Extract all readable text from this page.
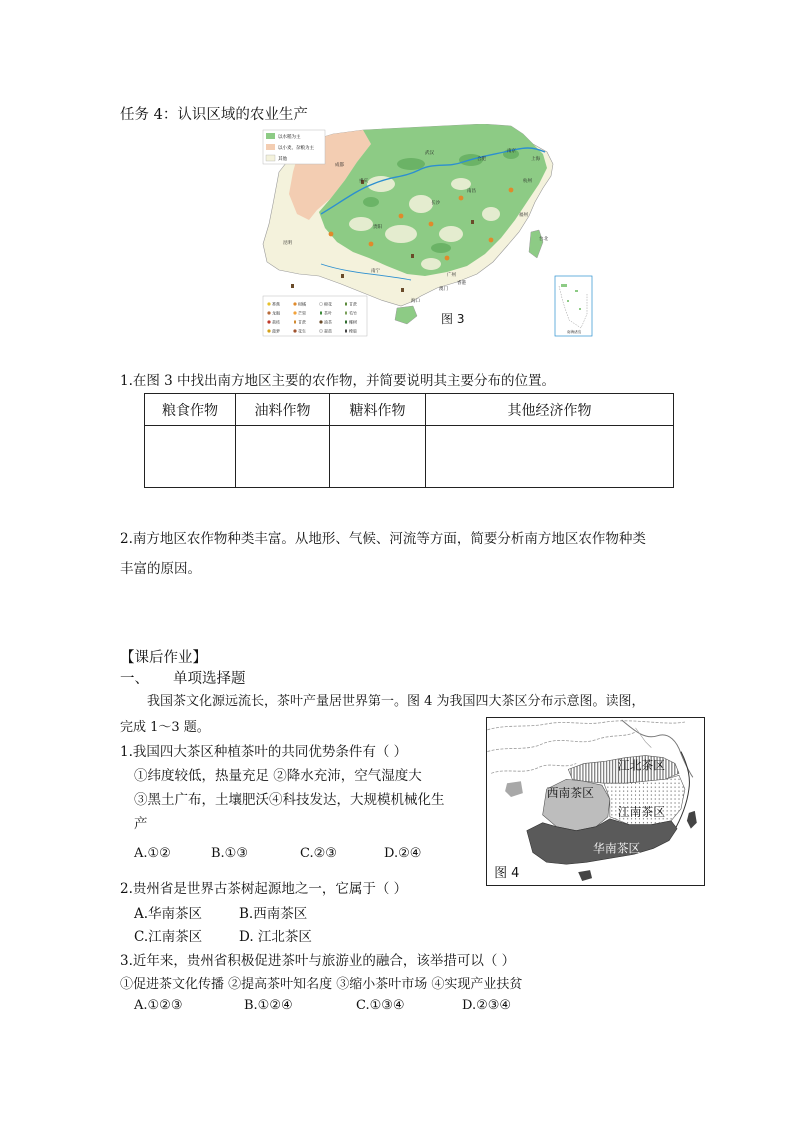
任务 4：认识区域的农业生产
以水稻为主
以小麦、杂粮为主
其他
成都
重庆
武汉
合肥
南京
上海
长沙
南昌
杭州
贵阳
福州
昆明
南宁
广州
台北
澳门
香港
海口
香蕉	柑橘	棉花	甘蔗
龙眼	芒果	茶叶	毛竹
荔枝	甘蔗	油茶	椰树
菠萝	花生	蚕茧	橡胶	南海诸岛
图 3
1.在图 3 中找出南方地区主要的农作物，并简要说明其主要分布的位置。
粮食作物	油料作物	糖料作物	其他经济作物

2.南方地区农作物种类丰富。从地形、气候、河流等方面，简要分析南方地区农作物种类
丰富的原因。
【课后作业】
一、 单项选择题
我国茶文化源远流长，茶叶产量居世界第一。图 4 为我国四大茶区分布示意图。读图，
完成 1～3 题。
1.我国四大茶区种植茶叶的共同优势条件有（ ）
①纬度较低，热量充足 ②降水充沛，空气湿度大
③黑土广布，土壤肥沃④科技发达，大规模机械化生
产
A.①②	B.①③	C.②③	D.②④
2.贵州省是世界古茶树起源地之一，它属于（ ）
A.华南茶区	B.西南茶区
C.江南茶区	D. 江北茶区
3.近年来，贵州省积极促进茶叶与旅游业的融合，该举措可以（ ）
①促进茶文化传播 ②提高茶叶知名度 ③缩小茶叶市场 ④实现产业扶贫
A.①②③	B.①②④	C.①③④	D.②③④
江北茶区
西南茶区
江南茶区
华南茶区
图 4
